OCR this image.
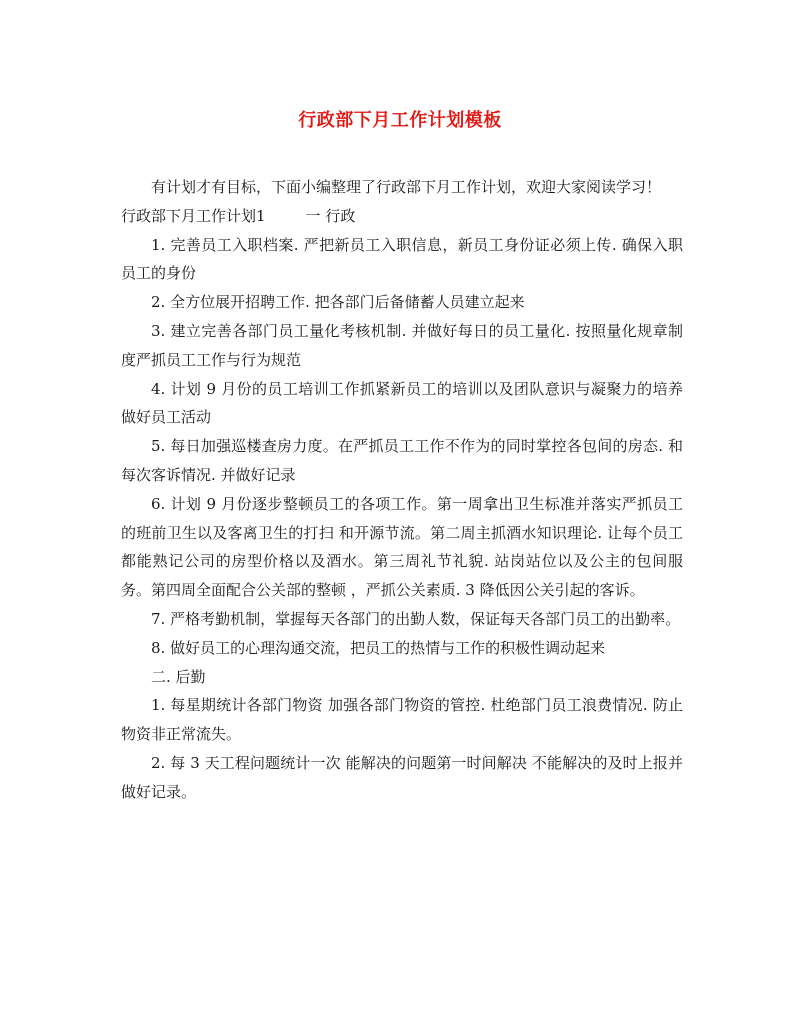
行政部下月工作计划模板

有计划才有目标，下面小编整理了行政部下月工作计划，欢迎大家阅读学习！

行政部下月工作计划1	一 行政

1. 完善员工入职档案. 严把新员工入职信息，新员工身份证必须上传. 确保入职员工的身份

2. 全方位展开招聘工作. 把各部门后备储蓄人员建立起来

3. 建立完善各部门员工量化考核机制. 并做好每日的员工量化. 按照量化规章制度严抓员工工作与行为规范

4. 计划 9 月份的员工培训工作抓紧新员工的培训以及团队意识与凝聚力的培养 做好员工活动

5. 每日加强巡楼查房力度。在严抓员工工作不作为的同时掌控各包间的房态. 和每次客诉情况. 并做好记录

6. 计划 9 月份逐步整顿员工的各项工作。第一周拿出卫生标准并落实严抓员工的班前卫生以及客离卫生的打扫 和开源节流。第二周主抓酒水知识理论. 让每个员工都能熟记公司的房型价格以及酒水。第三周礼节礼貌. 站岗站位以及公主的包间服务。第四周全面配合公关部的整顿 ，严抓公关素质. 3 降低因公关引起的客诉。

7. 严格考勤机制，掌握每天各部门的出勤人数，保证每天各部门员工的出勤率。

8. 做好员工的心理沟通交流，把员工的热情与工作的积极性调动起来

二. 后勤

1. 每星期统计各部门物资 加强各部门物资的管控. 杜绝部门员工浪费情况. 防止物资非正常流失。

2. 每 3 天工程问题统计一次 能解决的问题第一时间解决 不能解决的及时上报并做好记录。
